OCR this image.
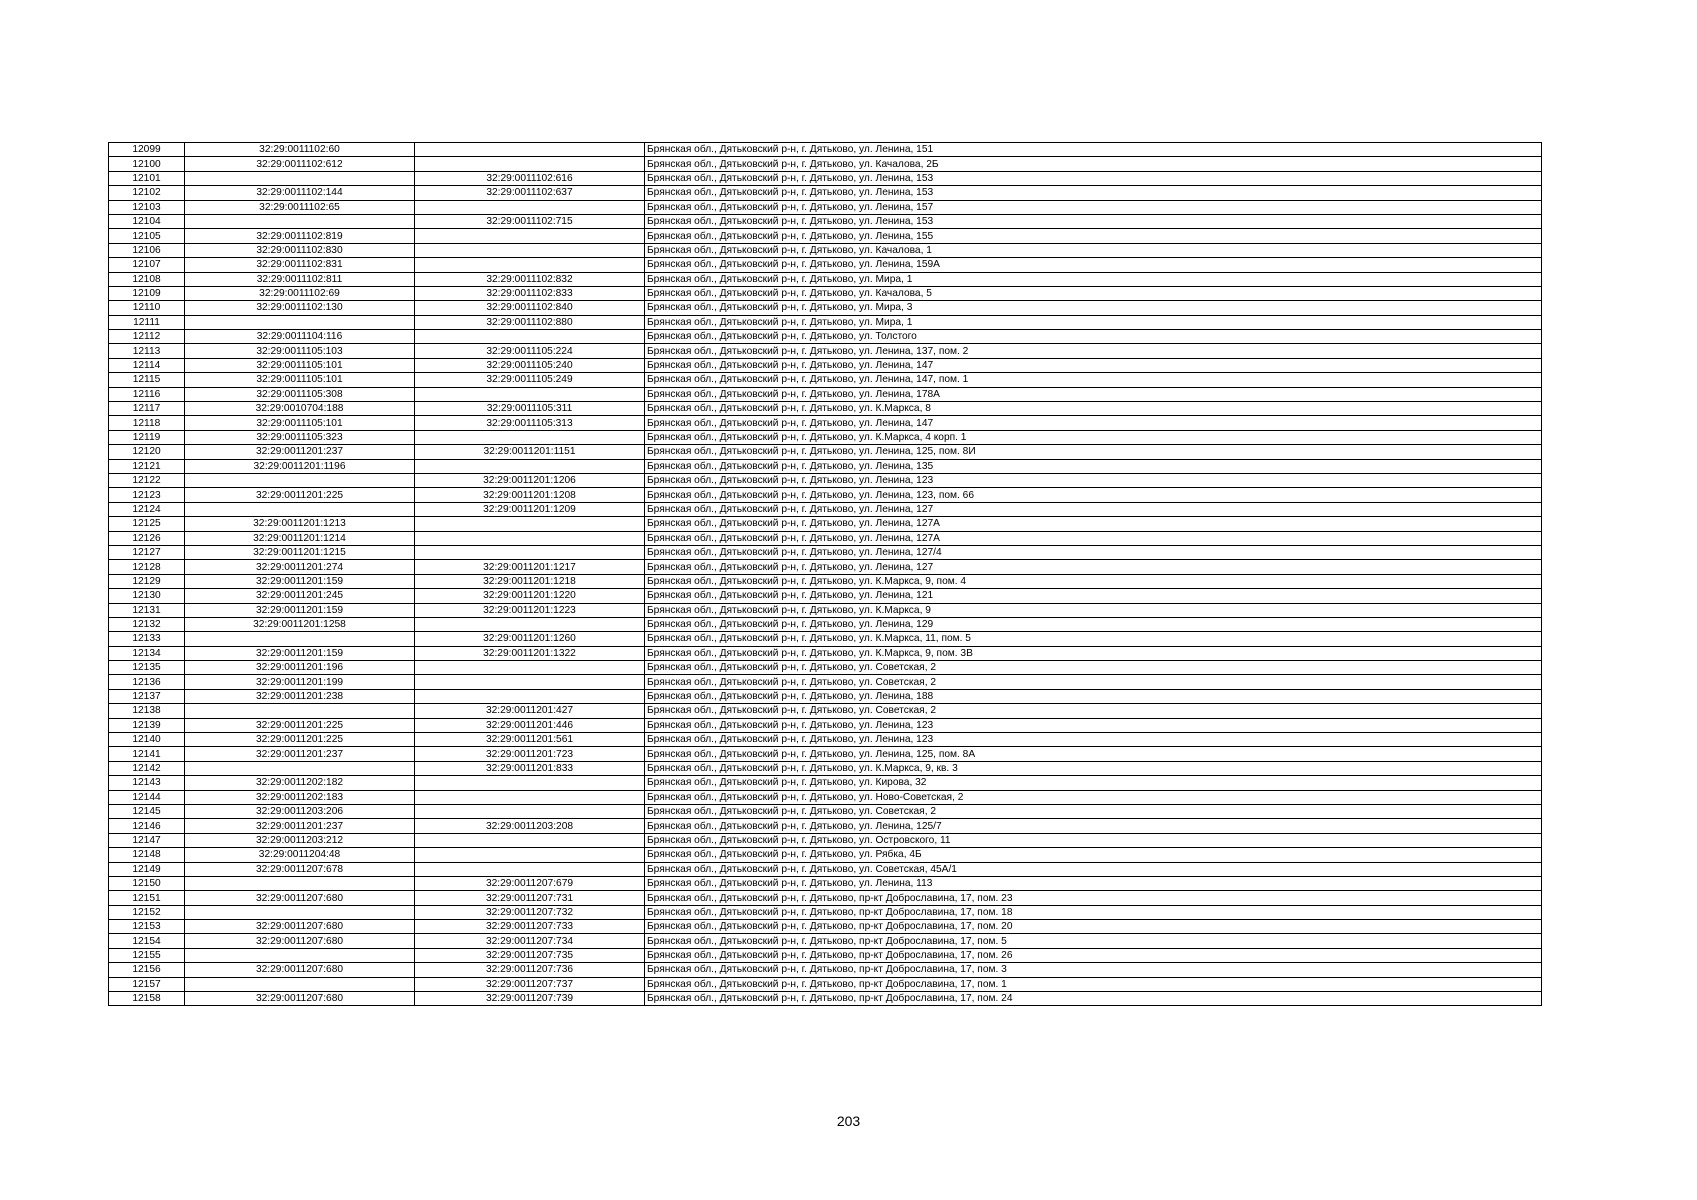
12099	32:29:0011102:60		Брянская обл., Дятьковский р-н, г. Дятьково, ул. Ленина, 151
12100	32:29:0011102:612		Брянская обл., Дятьковский р-н, г. Дятьково, ул. Качалова, 2Б
12101		32:29:0011102:616	Брянская обл., Дятьковский р-н, г. Дятьково, ул. Ленина, 153
12102	32:29:0011102:144	32:29:0011102:637	Брянская обл., Дятьковский р-н, г. Дятьково, ул. Ленина, 153
12103	32:29:0011102:65		Брянская обл., Дятьковский р-н, г. Дятьково, ул. Ленина, 157
12104		32:29:0011102:715	Брянская обл., Дятьковский р-н, г. Дятьково, ул. Ленина, 153
12105	32:29:0011102:819		Брянская обл., Дятьковский р-н, г. Дятьково, ул. Ленина, 155
12106	32:29:0011102:830		Брянская обл., Дятьковский р-н, г. Дятьково, ул. Качалова, 1
12107	32:29:0011102:831		Брянская обл., Дятьковский р-н, г. Дятьково, ул. Ленина, 159А
12108	32:29:0011102:811	32:29:0011102:832	Брянская обл., Дятьковский р-н, г. Дятьково, ул. Мира, 1
12109	32:29:0011102:69	32:29:0011102:833	Брянская обл., Дятьковский р-н, г. Дятьково, ул. Качалова, 5
12110	32:29:0011102:130	32:29:0011102:840	Брянская обл., Дятьковский р-н, г. Дятьково, ул. Мира, 3
12111		32:29:0011102:880	Брянская обл., Дятьковский р-н, г. Дятьково, ул. Мира, 1
12112	32:29:0011104:116		Брянская обл., Дятьковский р-н, г. Дятьково, ул. Толстого
12113	32:29:0011105:103	32:29:0011105:224	Брянская обл., Дятьковский р-н, г. Дятьково, ул. Ленина, 137, пом. 2
12114	32:29:0011105:101	32:29:0011105:240	Брянская обл., Дятьковский р-н, г. Дятьково, ул. Ленина, 147
12115	32:29:0011105:101	32:29:0011105:249	Брянская обл., Дятьковский р-н, г. Дятьково, ул. Ленина, 147, пом. 1
12116	32:29:0011105:308		Брянская обл., Дятьковский р-н, г. Дятьково, ул. Ленина, 178А
12117	32:29:0010704:188	32:29:0011105:311	Брянская обл., Дятьковский р-н, г. Дятьково, ул. К.Маркса, 8
12118	32:29:0011105:101	32:29:0011105:313	Брянская обл., Дятьковский р-н, г. Дятьково, ул. Ленина, 147
12119	32:29:0011105:323		Брянская обл., Дятьковский р-н, г. Дятьково, ул. К.Маркса, 4 корп. 1
12120	32:29:0011201:237	32:29:0011201:1151	Брянская обл., Дятьковский р-н, г. Дятьково, ул. Ленина, 125, пом. 8И
12121	32:29:0011201:1196		Брянская обл., Дятьковский р-н, г. Дятьково, ул. Ленина, 135
12122		32:29:0011201:1206	Брянская обл., Дятьковский р-н, г. Дятьково, ул. Ленина, 123
12123	32:29:0011201:225	32:29:0011201:1208	Брянская обл., Дятьковский р-н, г. Дятьково, ул. Ленина, 123, пом. 66
12124		32:29:0011201:1209	Брянская обл., Дятьковский р-н, г. Дятьково, ул. Ленина, 127
12125	32:29:0011201:1213		Брянская обл., Дятьковский р-н, г. Дятьково, ул. Ленина, 127А
12126	32:29:0011201:1214		Брянская обл., Дятьковский р-н, г. Дятьково, ул. Ленина, 127А
12127	32:29:0011201:1215		Брянская обл., Дятьковский р-н, г. Дятьково, ул. Ленина, 127/4
12128	32:29:0011201:274	32:29:0011201:1217	Брянская обл., Дятьковский р-н, г. Дятьково, ул. Ленина, 127
12129	32:29:0011201:159	32:29:0011201:1218	Брянская обл., Дятьковский р-н, г. Дятьково, ул. К.Маркса, 9, пом. 4
12130	32:29:0011201:245	32:29:0011201:1220	Брянская обл., Дятьковский р-н, г. Дятьково, ул. Ленина, 121
12131	32:29:0011201:159	32:29:0011201:1223	Брянская обл., Дятьковский р-н, г. Дятьково, ул. К.Маркса, 9
12132	32:29:0011201:1258		Брянская обл., Дятьковский р-н, г. Дятьково, ул. Ленина, 129
12133		32:29:0011201:1260	Брянская обл., Дятьковский р-н, г. Дятьково, ул. К.Маркса, 11, пом. 5
12134	32:29:0011201:159	32:29:0011201:1322	Брянская обл., Дятьковский р-н, г. Дятьково, ул. К.Маркса, 9, пом. 3В
12135	32:29:0011201:196		Брянская обл., Дятьковский р-н, г. Дятьково, ул. Советская, 2
12136	32:29:0011201:199		Брянская обл., Дятьковский р-н, г. Дятьково, ул. Советская, 2
12137	32:29:0011201:238		Брянская обл., Дятьковский р-н, г. Дятьково, ул. Ленина, 188
12138		32:29:0011201:427	Брянская обл., Дятьковский р-н, г. Дятьково, ул. Советская, 2
12139	32:29:0011201:225	32:29:0011201:446	Брянская обл., Дятьковский р-н, г. Дятьково, ул. Ленина, 123
12140	32:29:0011201:225	32:29:0011201:561	Брянская обл., Дятьковский р-н, г. Дятьково, ул. Ленина, 123
12141	32:29:0011201:237	32:29:0011201:723	Брянская обл., Дятьковский р-н, г. Дятьково, ул. Ленина, 125, пом. 8А
12142		32:29:0011201:833	Брянская обл., Дятьковский р-н, г. Дятьково, ул. К.Маркса, 9, кв. 3
12143	32:29:0011202:182		Брянская обл., Дятьковский р-н, г. Дятьково, ул. Кирова, 32
12144	32:29:0011202:183		Брянская обл., Дятьковский р-н, г. Дятьково, ул. Ново-Советская, 2
12145	32:29:0011203:206		Брянская обл., Дятьковский р-н, г. Дятьково, ул. Советская, 2
12146	32:29:0011201:237	32:29:0011203:208	Брянская обл., Дятьковский р-н, г. Дятьково, ул. Ленина, 125/7
12147	32:29:0011203:212		Брянская обл., Дятьковский р-н, г. Дятьково, ул. Островского, 11
12148	32:29:0011204:48		Брянская обл., Дятьковский р-н, г. Дятьково, ул. Рябка, 4Б
12149	32:29:0011207:678		Брянская обл., Дятьковский р-н, г. Дятьково, ул. Советская, 45А/1
12150		32:29:0011207:679	Брянская обл., Дятьковский р-н, г. Дятьково, ул. Ленина, 113
12151	32:29:0011207:680	32:29:0011207:731	Брянская обл., Дятьковский р-н, г. Дятьково, пр-кт Доброславина, 17, пом. 23
12152		32:29:0011207:732	Брянская обл., Дятьковский р-н, г. Дятьково, пр-кт Доброславина, 17, пом. 18
12153	32:29:0011207:680	32:29:0011207:733	Брянская обл., Дятьковский р-н, г. Дятьково, пр-кт Доброславина, 17, пом. 20
12154	32:29:0011207:680	32:29:0011207:734	Брянская обл., Дятьковский р-н, г. Дятьково, пр-кт Доброславина, 17, пом. 5
12155		32:29:0011207:735	Брянская обл., Дятьковский р-н, г. Дятьково, пр-кт Доброславина, 17, пом. 26
12156	32:29:0011207:680	32:29:0011207:736	Брянская обл., Дятьковский р-н, г. Дятьково, пр-кт Доброславина, 17, пом. 3
12157		32:29:0011207:737	Брянская обл., Дятьковский р-н, г. Дятьково, пр-кт Доброславина, 17, пом. 1
12158	32:29:0011207:680	32:29:0011207:739	Брянская обл., Дятьковский р-н, г. Дятьково, пр-кт Доброславина, 17, пом. 24
203
